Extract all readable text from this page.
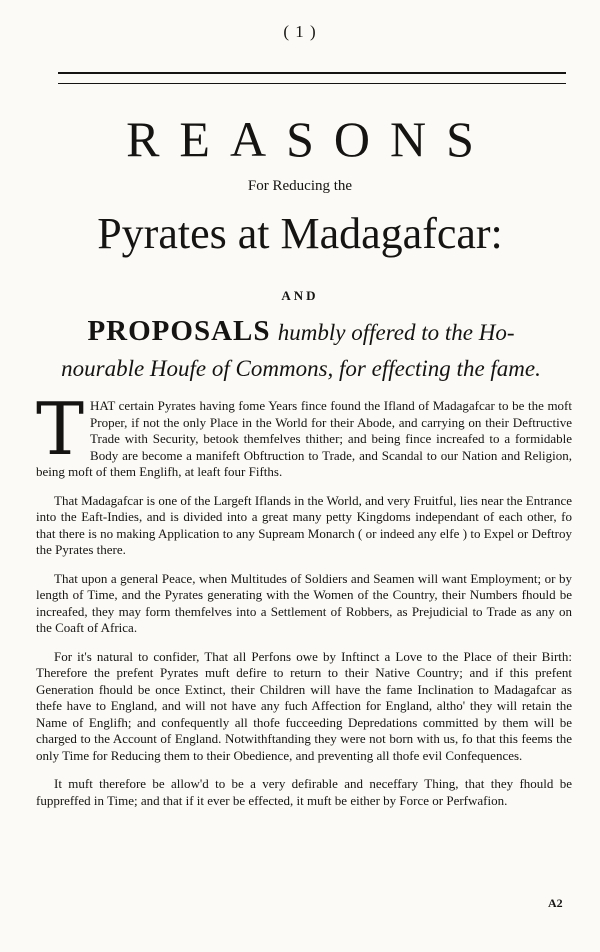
( 1 )
REASONS
For Reducing the
Pyrates at Madagafcar:
AND
PROPOSALS humbly offered to the Ho-
nourable Houfe of Commons, for effecting the fame.

THAT certain Pyrates having fome Years fince found the Ifland of Madagafcar to be the moft Proper, if not the only Place in the World for their Abode, and carrying on their Deftructive Trade with Security, betook themfelves thither; and being fince increafed to a formidable Body are become a manifeft Obftruction to Trade, and Scandal to our Nation and Religion, being moft of them Englifh, at leaft four Fifths.

That Madagafcar is one of the Largeft Iflands in the World, and very Fruitful, lies near the Entrance into the Eaft-Indies, and is divided into a great many petty Kingdoms independant of each other, fo that there is no making Application to any Supream Monarch ( or indeed any elfe ) to Expel or Deftroy the Pyrates there.

That upon a general Peace, when Multitudes of Soldiers and Seamen will want Employment; or by length of Time, and the Pyrates generating with the Women of the Country, their Numbers fhould be increafed, they may form themfelves into a Settlement of Robbers, as Prejudicial to Trade as any on the Coaft of Africa.

For it's natural to confider, That all Perfons owe by Inftinct a Love to the Place of their Birth: Therefore the prefent Pyrates muft defire to return to their Native Country; and if this prefent Generation fhould be once Extinct, their Children will have the fame Inclination to Madagafcar as thefe have to England, and will not have any fuch Affection for England, altho' they will retain the Name of Englifh; and confequently all thofe fucceeding Depredations committed by them will be charged to the Account of England. Notwithftanding they were not born with us, fo that this feems the only Time for Reducing them to their Obedience, and preventing all thofe evil Confequences.

It muft therefore be allow'd to be a very defirable and neceffary Thing, that they fhould be fuppreffed in Time; and that if it ever be effected, it muft be either by Force or Perfwafion.

A2
